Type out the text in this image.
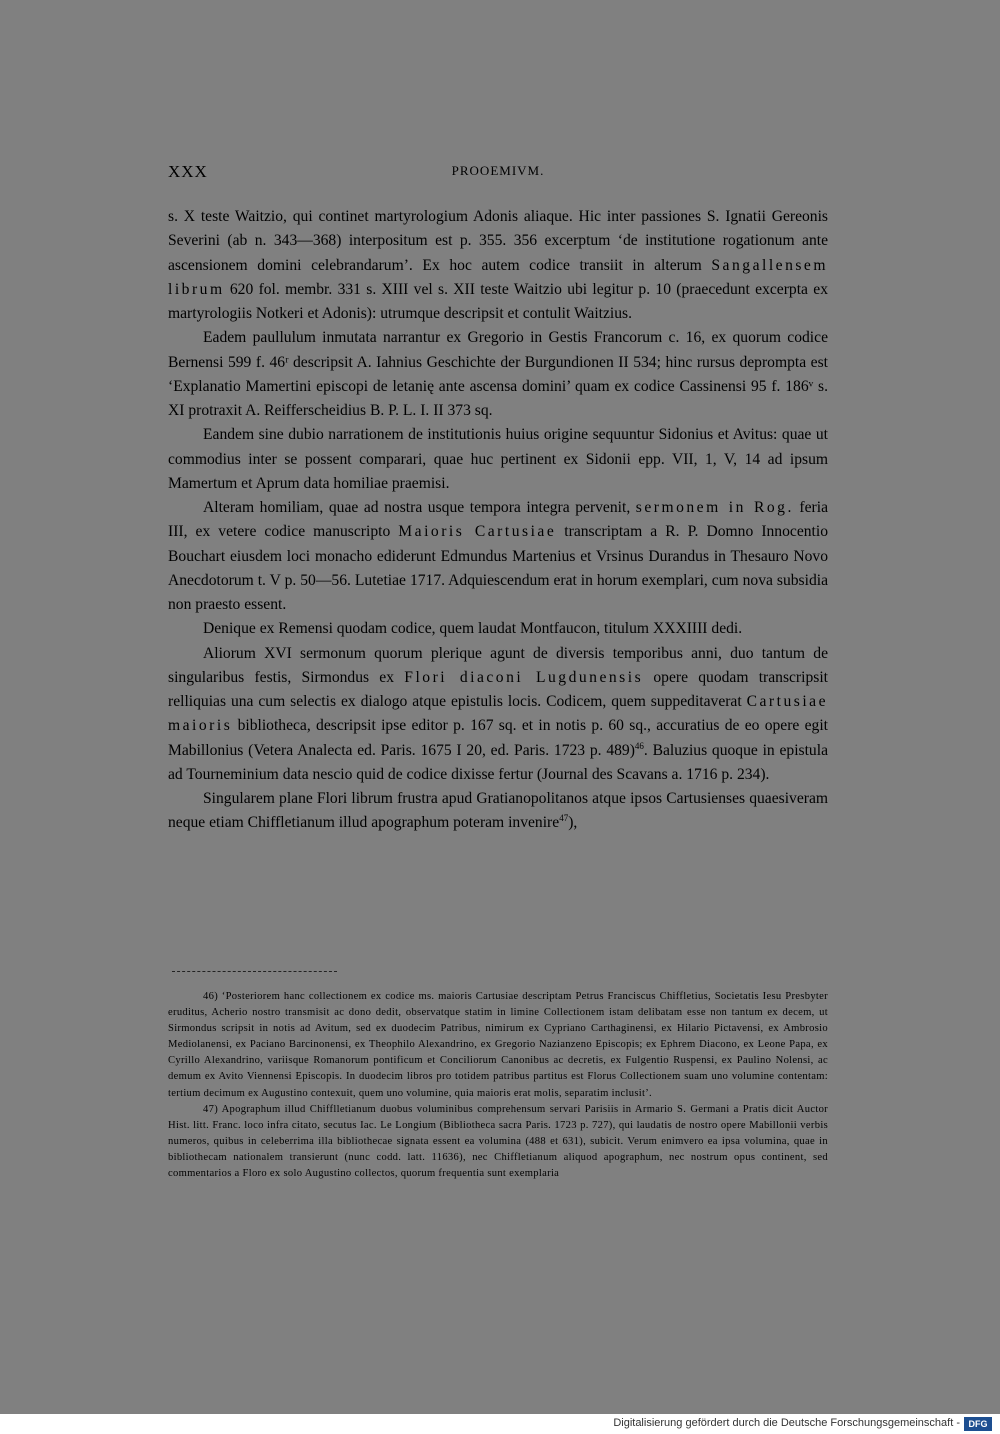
XXX	PROOEMIVM.

s. X teste Waitzio, qui continet martyrologium Adonis aliaque. Hic inter passiones S. Ignatii Gereonis Severini (ab n. 343—368) interpositum est p. 355. 356 excerptum ‘de institutione rogationum ante ascensionem domini celebrandarum’. Ex hoc autem codice transiit in alterum Sangallensem librum 620 fol. membr. 331 s. XIII vel s. XII teste Waitzio ubi legitur p. 10 (praecedunt excerpta ex martyrologiis Notkeri et Adonis): utrumque descripsit et contulit Waitzius.

Eadem paullulum inmutata narrantur ex Gregorio in Gestis Francorum c. 16, ex quorum codice Bernensi 599 f. 46ʳ descripsit A. Iahnius Geschichte der Burgundionen II 534; hinc rursus deprompta est ‘Explanatio Mamertini episcopi de letanię ante ascensa domini’ quam ex codice Cassinensi 95 f. 186ᵛ s. XI protraxit A. Reifferscheidius B. P. L. I. II 373 sq.

Eandem sine dubio narrationem de institutionis huius origine sequuntur Sidonius et Avitus: quae ut commodius inter se possent comparari, quae huc pertinent ex Sidonii epp. VII, 1, V, 14 ad ipsum Mamertum et Aprum data homiliae praemisi.

Alteram homiliam, quae ad nostra usque tempora integra pervenit, sermonem in Rog. feria III, ex vetere codice manuscripto Maioris Cartusiae transcriptam a R. P. Domno Innocentio Bouchart eiusdem loci monacho ediderunt Edmundus Martenius et Vrsinus Durandus in Thesauro Novo Anecdotorum t. V p. 50—56. Lutetiae 1717. Adquiescendum erat in horum exemplari, cum nova subsidia non praesto essent.

Denique ex Remensi quodam codice, quem laudat Montfaucon, titulum XXXIIII dedi.

Aliorum XVI sermonum quorum plerique agunt de diversis temporibus anni, duo tantum de singularibus festis, Sirmondus ex Flori diaconi Lugdunensis opere quodam transcripsit relliquias una cum selectis ex dialogo atque epistulis locis. Codicem, quem suppeditaverat Cartusiae maioris bibliotheca, descripsit ipse editor p. 167 sq. et in notis p. 60 sq., accuratius de eo opere egit Mabillonius (Vetera Analecta ed. Paris. 1675 I 20, ed. Paris. 1723 p. 489)$^{46}$. Baluzius quoque in epistula ad Tourneminium data nescio quid de codice dixisse fertur (Journal des Scavans a. 1716 p. 234).

Singularem plane Flori librum frustra apud Gratianopolitanos atque ipsos Cartusienses quaesiveram neque etiam Chiffletianum illud apographum poteram invenire$^{47}$),

46) ‘Posteriorem hanc collectionem ex codice ms. maioris Cartusiae descriptam Petrus Franciscus Chiffletius, Societatis Iesu Presbyter eruditus, Acherio nostro transmisit ac dono dedit, observatque statim in limine Collectionem istam delibatam esse non tantum ex decem, ut Sirmondus scripsit in notis ad Avitum, sed ex duodecim Patribus, nimirum ex Cypriano Carthaginensi, ex Hilario Pictavensi, ex Ambrosio Mediolanensi, ex Paciano Barcinonensi, ex Theophilo Alexandrino, ex Gregorio Nazianzeno Episcopis; ex Ephrem Diacono, ex Leone Papa, ex Cyrillo Alexandrino, variisque Romanorum pontificum et Conciliorum Canonibus ac decretis, ex Fulgentio Ruspensi, ex Paulino Nolensi, ac demum ex Avito Viennensi Episcopis. In duodecim libros pro totidem patribus partitus est Florus Collectionem suam uno volumine contentam: tertium decimum ex Augustino contexuit, quem uno volumine, quia maioris erat molis, separatim inclusit’.

47) Apographum illud Chifflletianum duobus voluminibus comprehensum servari Parisiis in Armario S. Germani a Pratis dicit Auctor Hist. litt. Franc. loco infra citato, secutus Iac. Le Longium (Bibliotheca sacra Paris. 1723 p. 727), qui laudatis de nostro opere Mabillonii verbis numeros, quibus in celeberrima illa bibliothecae signata essent ea volumina (488 et 631), subicit. Verum enimvero ea ipsa volumina, quae in bibliothecam nationalem transierunt (nunc codd. latt. 11636), nec Chiffletianum aliquod apographum, nec nostrum opus continent, sed commentarios a Floro ex solo Augustino collectos, quorum frequentia sunt exemplaria

Digitalisierung gefördert durch die Deutsche Forschungsgemeinschaft - DFG
